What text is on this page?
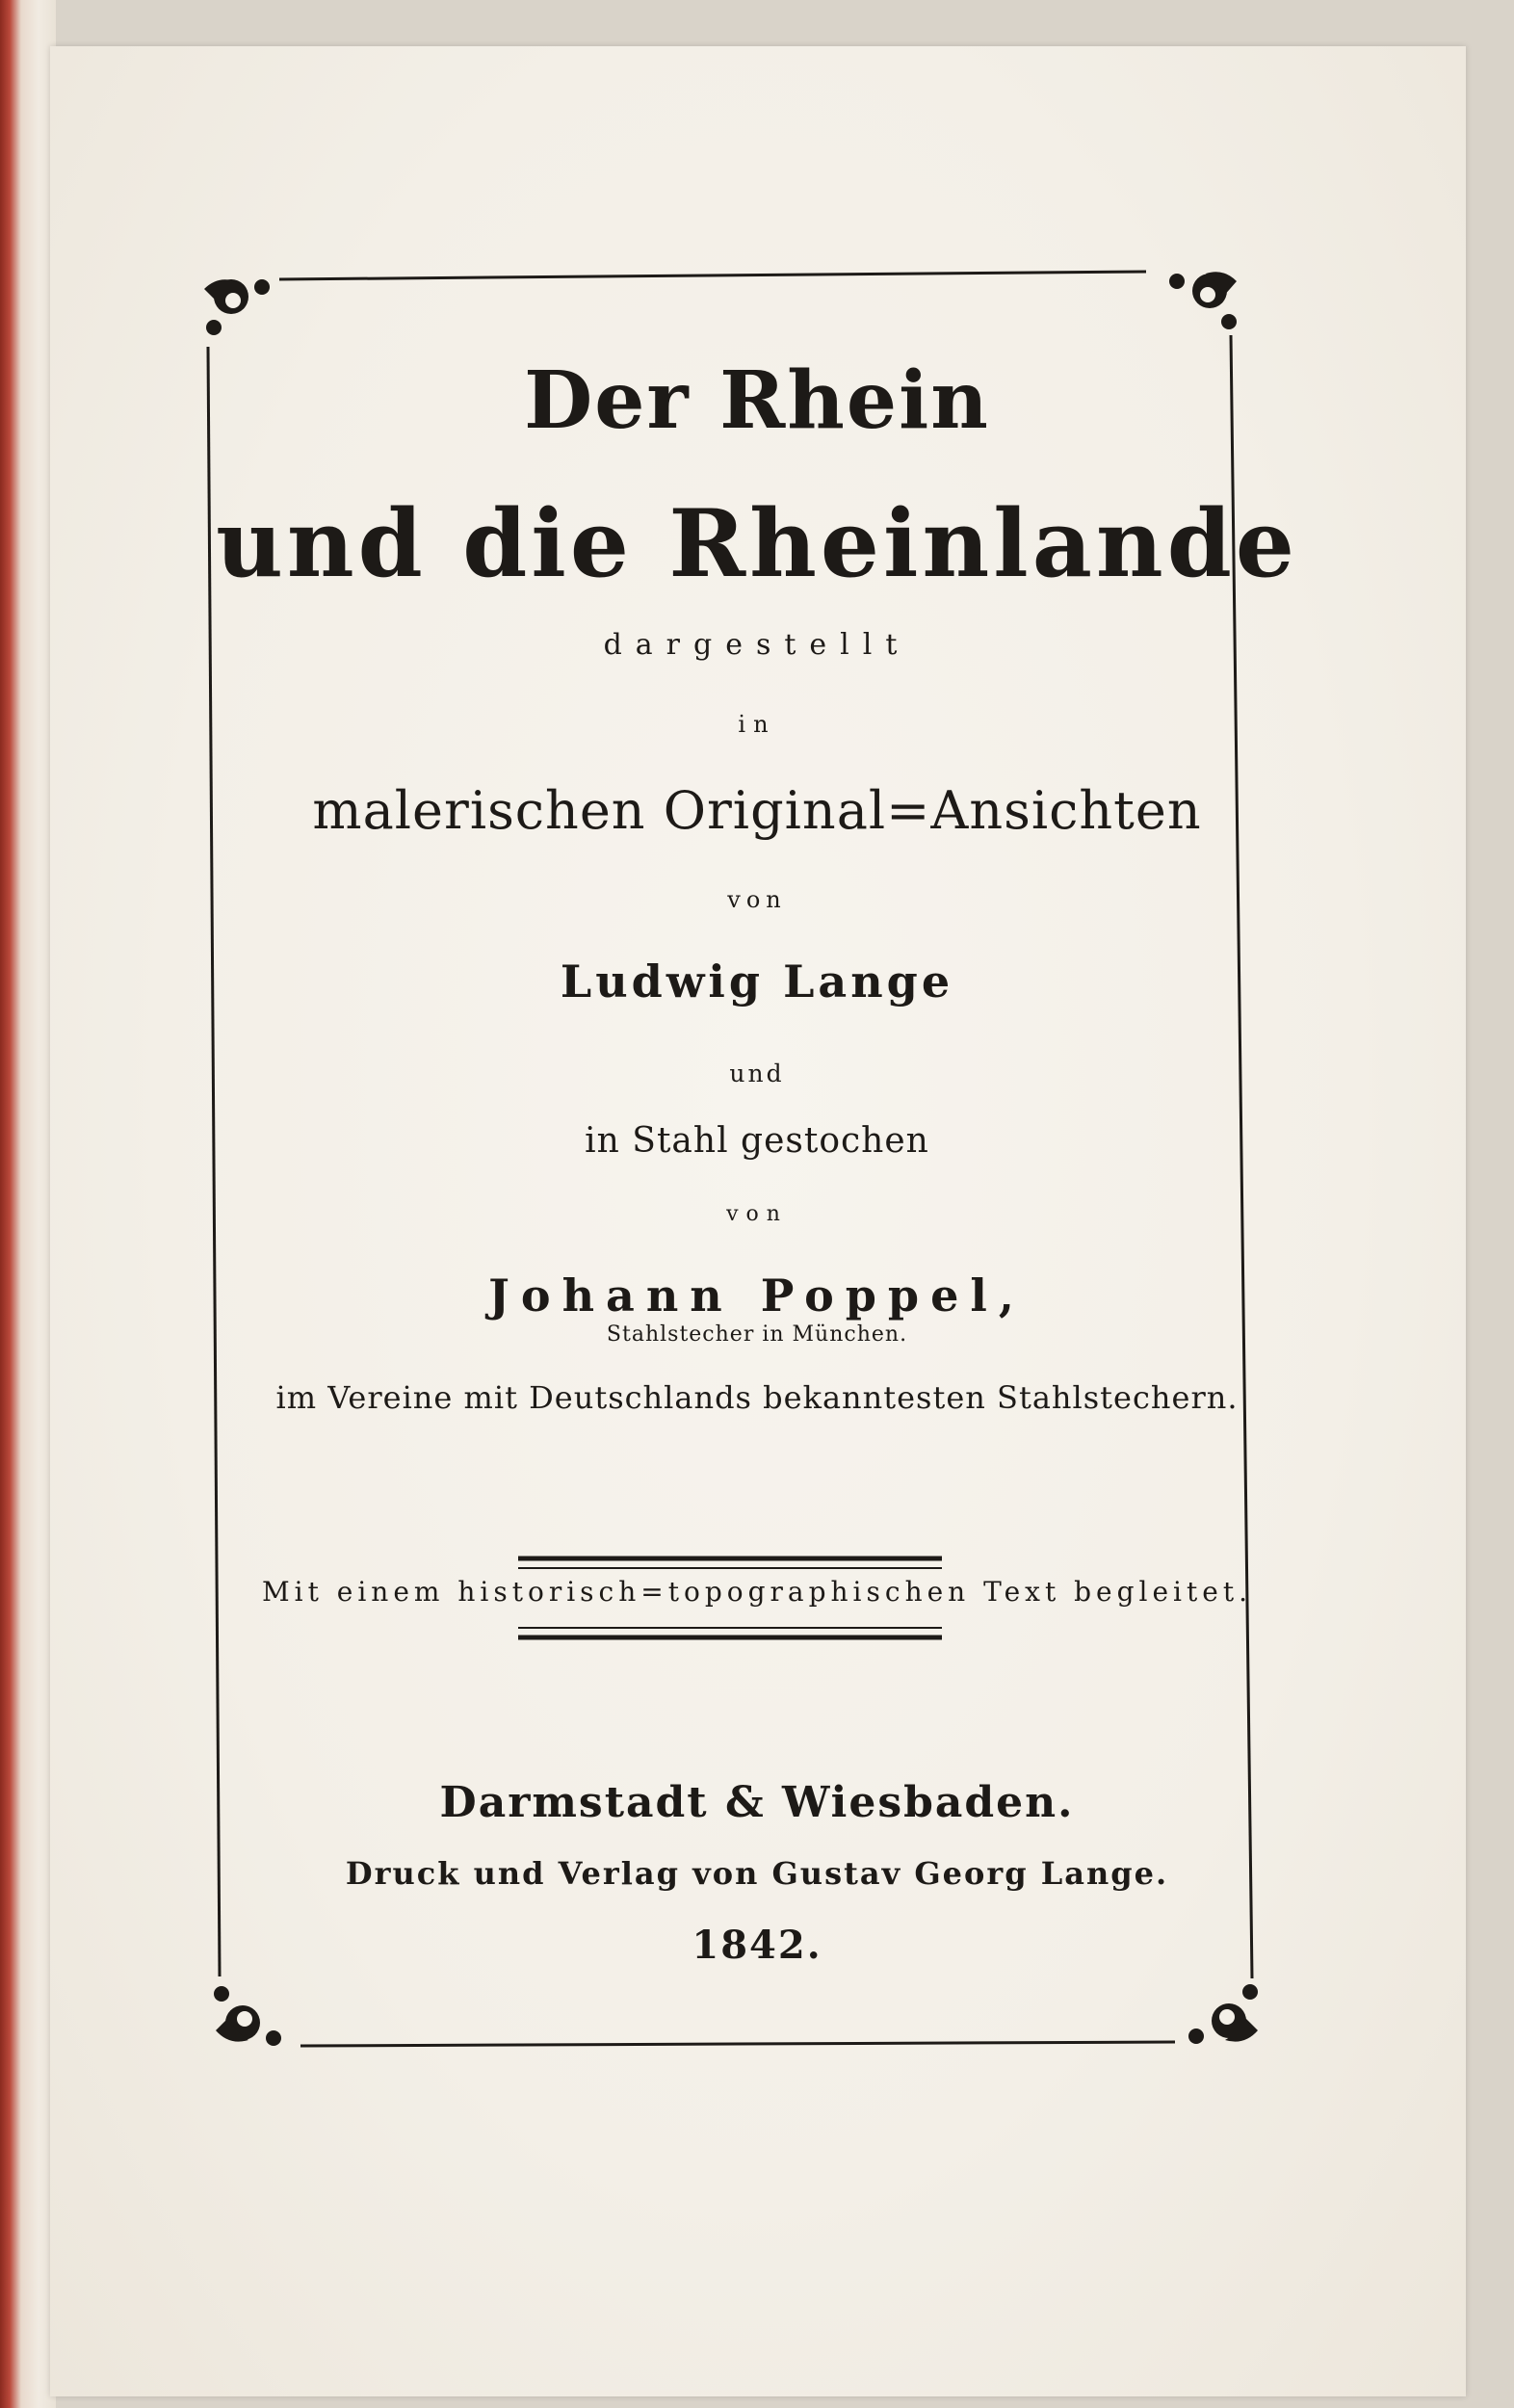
Der Rhein
und die Rheinlande
dargestellt
in
malerischen Original=Ansichten
von
Ludwig Lange
und
in Stahl gestochen
von
Johann Poppel,
Stahlstecher in München.
im Vereine mit Deutschlands bekanntesten Stahlstechern.
Mit einem historisch=topographischen Text begleitet.
Darmstadt & Wiesbaden.
Druck und Verlag von Gustav Georg Lange.
1842.
